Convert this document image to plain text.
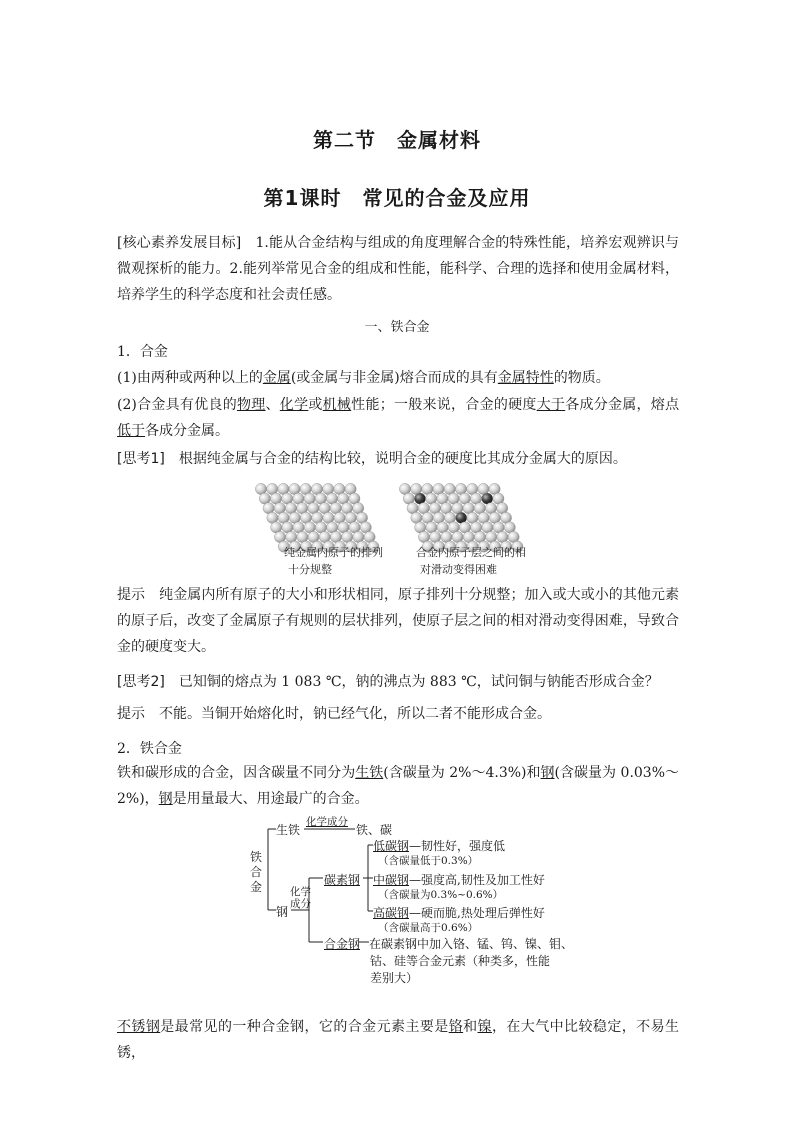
第二节　金属材料
第1课时　常见的合金及应用
[核心素养发展目标]　1.能从合金结构与组成的角度理解合金的特殊性能，培养宏观辨识与微观探析的能力。2.能列举常见合金的组成和性能，能科学、合理的选择和使用金属材料，培养学生的科学态度和社会责任感。
一、铁合金
1．合金
(1)由两种或两种以上的金属(或金属与非金属)熔合而成的具有金属特性的物质。
(2)合金具有优良的物理、化学或机械性能；一般来说，合金的硬度大于各成分金属，熔点低于各成分金属。
[思考1]　根据纯金属与合金的结构比较，说明合金的硬度比其成分金属大的原因。
纯金属内原子的排列
十分规整
合金内原子层之间的相
对滑动变得困难
提示　纯金属内所有原子的大小和形状相同，原子排列十分规整；加入或大或小的其他元素的原子后，改变了金属原子有规则的层状排列，使原子层之间的相对滑动变得困难，导致合金的硬度变大。
[思考2]　已知铜的熔点为 1 083 ℃，钠的沸点为 883 ℃，试问铜与钠能否形成合金？
提示　不能。当铜开始熔化时，钠已经气化，所以二者不能形成合金。
2．铁合金
铁和碳形成的合金，因含碳量不同分为生铁(含碳量为 2%～4.3%)和钢(含碳量为 0.03%～2%)，钢是用量最大、用途最广的合金。
铁合金
生铁
化学成分
铁、碳
钢
化学成分
碳素钢
低碳钢—韧性好，强度低
（含碳量低于0.3%）
中碳钢—强度高,韧性及加工性好
（含碳量为0.3%~0.6%）
高碳钢—硬而脆,热处理后弹性好
（含碳量高于0.6%）
合金钢 在碳素钢中加入铬、锰、钨、镍、钼、
钴、硅等合金元素（种类多，性能
差别大）
不锈钢是最常见的一种合金钢，它的合金元素主要是铬和镍，在大气中比较稳定，不易生锈，
